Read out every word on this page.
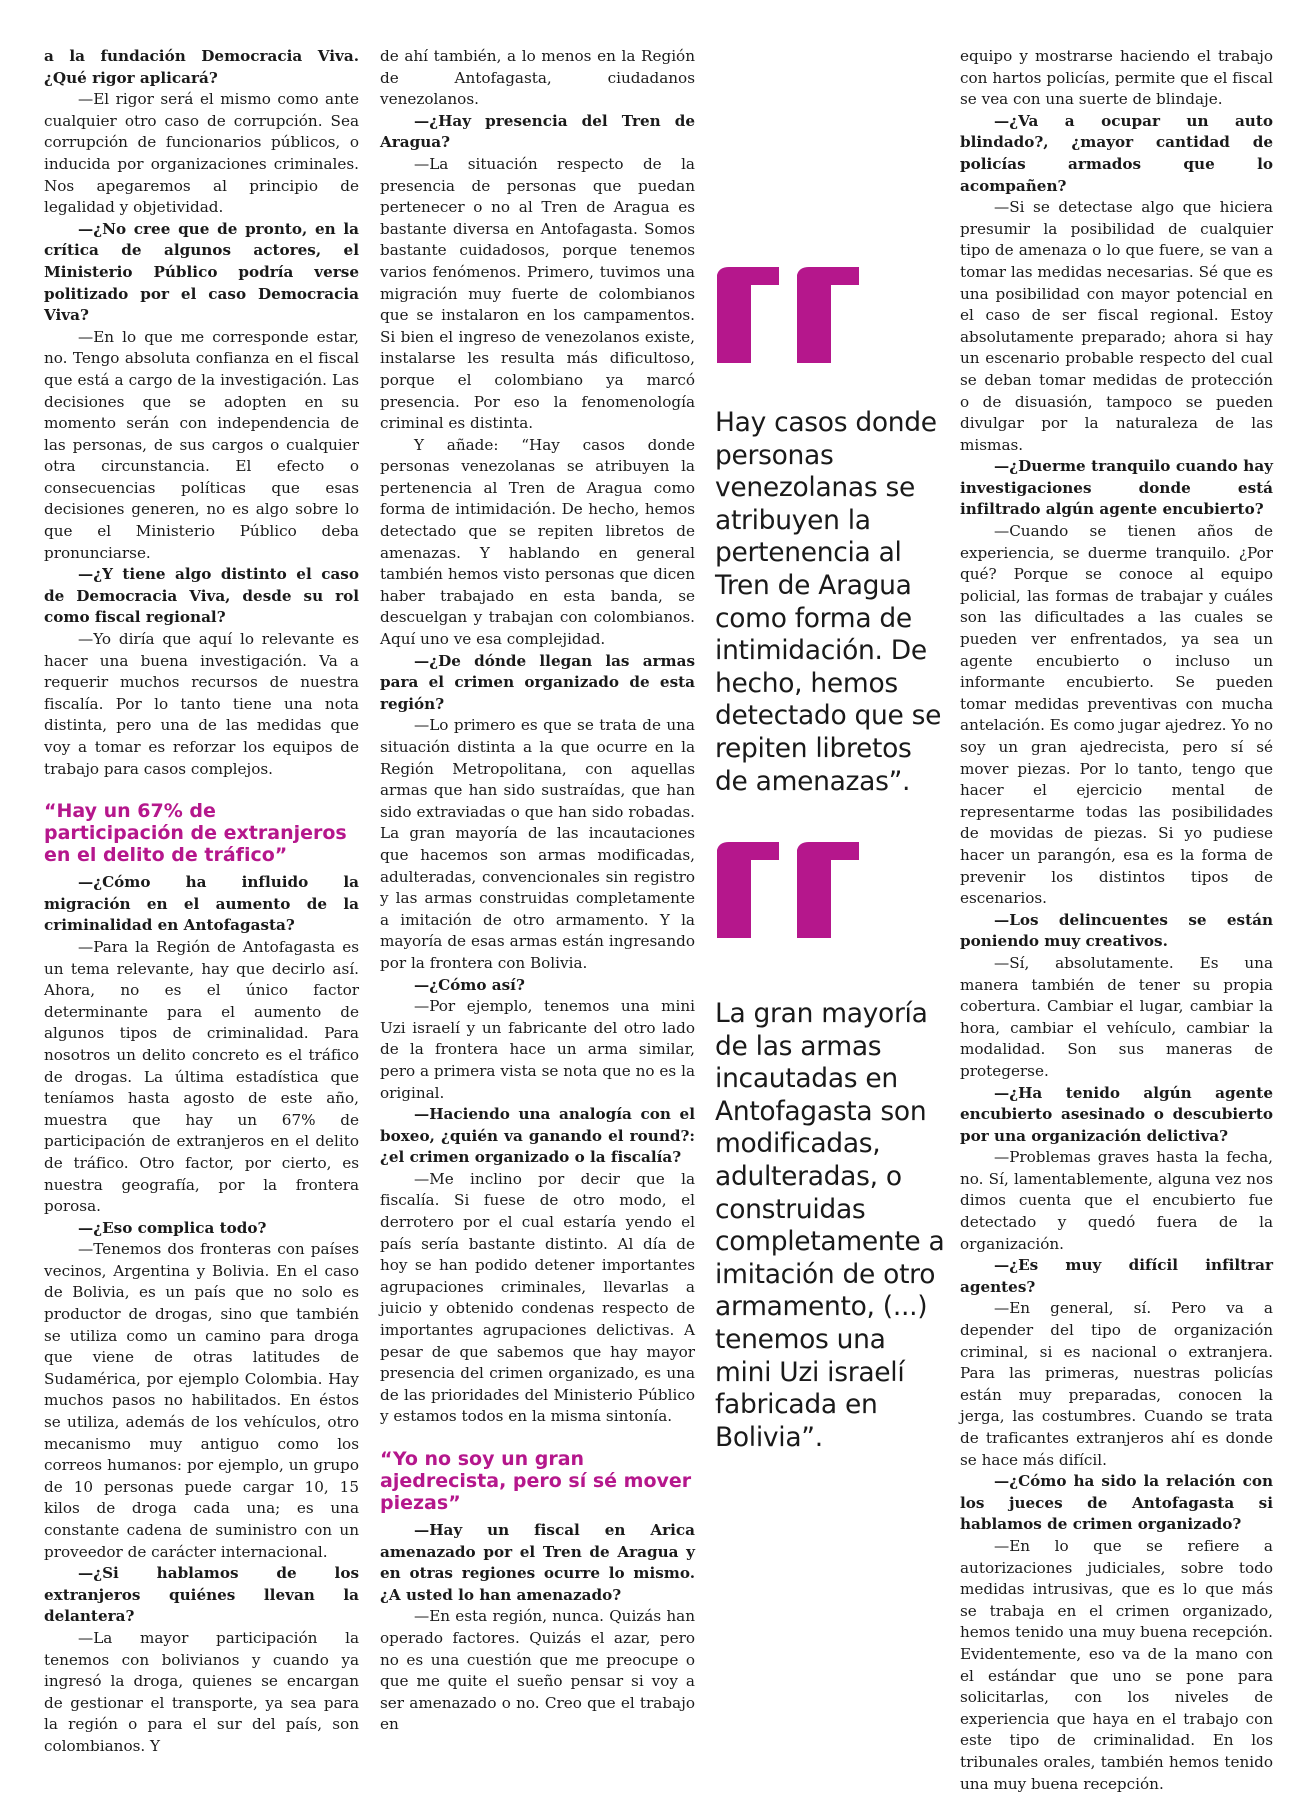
a la fundación Democracia Viva. ¿Qué rigor aplicará?

—El rigor será el mismo como ante cualquier otro caso de corrupción. Sea corrupción de funcionarios públicos, o inducida por organizaciones criminales. Nos apegaremos al principio de legalidad y objetividad.

—¿No cree que de pronto, en la crítica de algunos actores, el Ministerio Público podría verse politizado por el caso Democracia Viva?

—En lo que me corresponde estar, no. Tengo absoluta confianza en el fiscal que está a cargo de la investigación. Las decisiones que se adopten en su momento serán con independencia de las personas, de sus cargos o cualquier otra circunstancia. El efecto o consecuencias políticas que esas decisiones generen, no es algo sobre lo que el Ministerio Público deba pronunciarse.

—¿Y tiene algo distinto el caso de Democracia Viva, desde su rol como fiscal regional?

—Yo diría que aquí lo relevante es hacer una buena investigación. Va a requerir muchos recursos de nuestra fiscalía. Por lo tanto tiene una nota distinta, pero una de las medidas que voy a tomar es reforzar los equipos de trabajo para casos complejos.

“Hay un 67% de participación de extranjeros en el delito de tráfico”

—¿Cómo ha influido la migración en el aumento de la criminalidad en Antofagasta?

—Para la Región de Antofagasta es un tema relevante, hay que decirlo así. Ahora, no es el único factor determinante para el aumento de algunos tipos de criminalidad. Para nosotros un delito concreto es el tráfico de drogas. La última estadística que teníamos hasta agosto de este año, muestra que hay un 67% de participación de extranjeros en el delito de tráfico. Otro factor, por cierto, es nuestra geografía, por la frontera porosa.

—¿Eso complica todo?

—Tenemos dos fronteras con países vecinos, Argentina y Bolivia. En el caso de Bolivia, es un país que no solo es productor de drogas, sino que también se utiliza como un camino para droga que viene de otras latitudes de Sudamérica, por ejemplo Colombia. Hay muchos pasos no habilitados. En éstos se utiliza, además de los vehículos, otro mecanismo muy antiguo como los correos humanos: por ejemplo, un grupo de 10 personas puede cargar 10, 15 kilos de droga cada una; es una constante cadena de suministro con un proveedor de carácter internacional.

—¿Si hablamos de los extranjeros quiénes llevan la delantera?

—La mayor participación la tenemos con bolivianos y cuando ya ingresó la droga, quienes se encargan de gestionar el transporte, ya sea para la región o para el sur del país, son colombianos. Y

de ahí también, a lo menos en la Región de Antofagasta, ciudadanos venezolanos.

—¿Hay presencia del Tren de Aragua?

—La situación respecto de la presencia de personas que puedan pertenecer o no al Tren de Aragua es bastante diversa en Antofagasta. Somos bastante cuidadosos, porque tenemos varios fenómenos. Primero, tuvimos una migración muy fuerte de colombianos que se instalaron en los campamentos. Si bien el ingreso de venezolanos existe, instalarse les resulta más dificultoso, porque el colombiano ya marcó presencia. Por eso la fenomenología criminal es distinta.

Y añade: “Hay casos donde personas venezolanas se atribuyen la pertenencia al Tren de Aragua como forma de intimidación. De hecho, hemos detectado que se repiten libretos de amenazas. Y hablando en general también hemos visto personas que dicen haber trabajado en esta banda, se descuelgan y trabajan con colombianos. Aquí uno ve esa complejidad.

—¿De dónde llegan las armas para el crimen organizado de esta región?

—Lo primero es que se trata de una situación distinta a la que ocurre en la Región Metropolitana, con aquellas armas que han sido sustraídas, que han sido extraviadas o que han sido robadas. La gran mayoría de las incautaciones que hacemos son armas modificadas, adulteradas, convencionales sin registro y las armas construidas completamente a imitación de otro armamento. Y la mayoría de esas armas están ingresando por la frontera con Bolivia.

—¿Cómo así?

—Por ejemplo, tenemos una mini Uzi israelí y un fabricante del otro lado de la frontera hace un arma similar, pero a primera vista se nota que no es la original.

—Haciendo una analogía con el boxeo, ¿quién va ganando el round?: ¿el crimen organizado o la fiscalía?

—Me inclino por decir que la fiscalía. Si fuese de otro modo, el derrotero por el cual estaría yendo el país sería bastante distinto. Al día de hoy se han podido detener importantes agrupaciones criminales, llevarlas a juicio y obtenido condenas respecto de importantes agrupaciones delictivas. A pesar de que sabemos que hay mayor presencia del crimen organizado, es una de las prioridades del Ministerio Público y estamos todos en la misma sintonía.

“Yo no soy un gran ajedrecista, pero sí sé mover piezas”

—Hay un fiscal en Arica amenazado por el Tren de Aragua y en otras regiones ocurre lo mismo. ¿A usted lo han amenazado?

—En esta región, nunca. Quizás han operado factores. Quizás el azar, pero no es una cuestión que me preocupe o que me quite el sueño pensar si voy a ser amenazado o no. Creo que el trabajo en

Hay casos donde personas venezolanas se atribuyen la pertenencia al Tren de Aragua como forma de intimidación. De hecho, hemos detectado que se repiten libretos de amenazas”.

La gran mayoría de las armas incautadas en Antofagasta son modificadas, adulteradas, o construidas completamente a imitación de otro armamento, (...) tenemos una mini Uzi israelí fabricada en Bolivia”.

equipo y mostrarse haciendo el trabajo con hartos policías, permite que el fiscal se vea con una suerte de blindaje.

—¿Va a ocupar un auto blindado?, ¿mayor cantidad de policías armados que lo acompañen?

—Si se detectase algo que hiciera presumir la posibilidad de cualquier tipo de amenaza o lo que fuere, se van a tomar las medidas necesarias. Sé que es una posibilidad con mayor potencial en el caso de ser fiscal regional. Estoy absolutamente preparado; ahora si hay un escenario probable respecto del cual se deban tomar medidas de protección o de disuasión, tampoco se pueden divulgar por la naturaleza de las mismas.

—¿Duerme tranquilo cuando hay investigaciones donde está infiltrado algún agente encubierto?

—Cuando se tienen años de experiencia, se duerme tranquilo. ¿Por qué? Porque se conoce al equipo policial, las formas de trabajar y cuáles son las dificultades a las cuales se pueden ver enfrentados, ya sea un agente encubierto o incluso un informante encubierto. Se pueden tomar medidas preventivas con mucha antelación. Es como jugar ajedrez. Yo no soy un gran ajedrecista, pero sí sé mover piezas. Por lo tanto, tengo que hacer el ejercicio mental de representarme todas las posibilidades de movidas de piezas. Si yo pudiese hacer un parangón, esa es la forma de prevenir los distintos tipos de escenarios.

—Los delincuentes se están poniendo muy creativos.

—Sí, absolutamente. Es una manera también de tener su propia cobertura. Cambiar el lugar, cambiar la hora, cambiar el vehículo, cambiar la modalidad. Son sus maneras de protegerse.

—¿Ha tenido algún agente encubierto asesinado o descubierto por una organización delictiva?

—Problemas graves hasta la fecha, no. Sí, lamentablemente, alguna vez nos dimos cuenta que el encubierto fue detectado y quedó fuera de la organización.

—¿Es muy difícil infiltrar agentes?

—En general, sí. Pero va a depender del tipo de organización criminal, si es nacional o extranjera. Para las primeras, nuestras policías están muy preparadas, conocen la jerga, las costumbres. Cuando se trata de traficantes extranjeros ahí es donde se hace más difícil.

—¿Cómo ha sido la relación con los jueces de Antofagasta si hablamos de crimen organizado?

—En lo que se refiere a autorizaciones judiciales, sobre todo medidas intrusivas, que es lo que más se trabaja en el crimen organizado, hemos tenido una muy buena recepción. Evidentemente, eso va de la mano con el estándar que uno se pone para solicitarlas, con los niveles de experiencia que haya en el trabajo con este tipo de criminalidad. En los tribunales orales, también hemos tenido una muy buena recepción.
